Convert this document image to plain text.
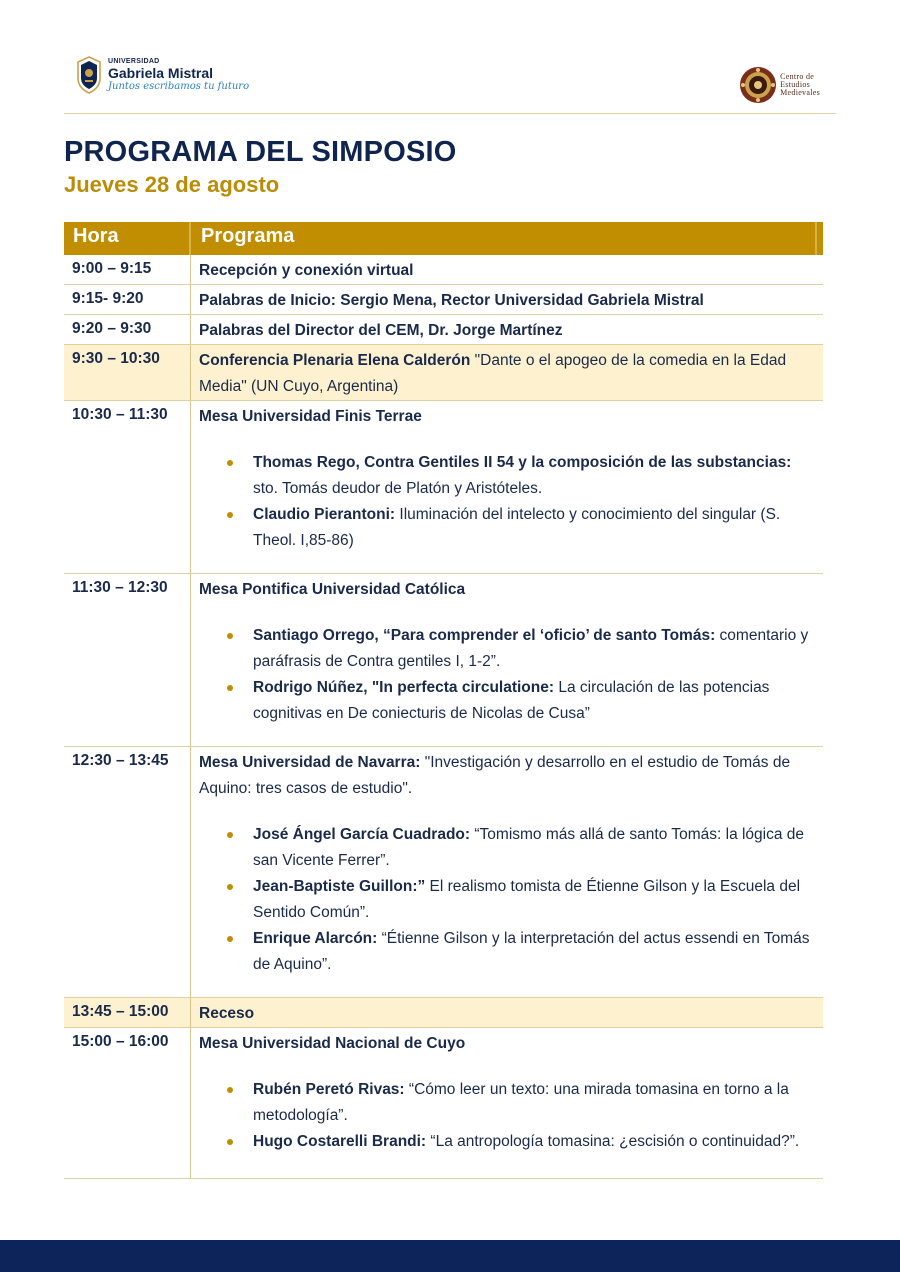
UNIVERSIDAD
Gabriela Mistral
Juntos escribamos tu futuro
Centro de
Estudios
Medievales
PROGRAMA DEL SIMPOSIO
Jueves 28 de agosto
Hora	Programa
9:00 – 9:15	Recepción y conexión virtual
9:15- 9:20	Palabras de Inicio: Sergio Mena, Rector Universidad Gabriela Mistral
9:20 – 9:30	Palabras del Director del CEM, Dr. Jorge Martínez
9:30 – 10:30	Conferencia Plenaria Elena Calderón "Dante o el apogeo de la comedia en la Edad Media" (UN Cuyo, Argentina)
10:30 – 11:30	Mesa Universidad Finis Terrae
Thomas Rego, Contra Gentiles II 54 y la composición de las substancias: sto. Tomás deudor de Platón y Aristóteles.
Claudio Pierantoni: Iluminación del intelecto y conocimiento del singular (S. Theol. I,85-86)
11:30 – 12:30	Mesa Pontifica Universidad Católica
Santiago Orrego, “Para comprender el ‘oficio’ de santo Tomás: comentario y paráfrasis de Contra gentiles I, 1-2”.
Rodrigo Núñez, "In perfecta circulatione: La circulación de las potencias cognitivas en De coniecturis de Nicolas de Cusa”
12:30 – 13:45	Mesa Universidad de Navarra: "Investigación y desarrollo en el estudio de Tomás de Aquino: tres casos de estudio".
José Ángel García Cuadrado: “Tomismo más allá de santo Tomás: la lógica de san Vicente Ferrer”.
Jean-Baptiste Guillon:” El realismo tomista de Étienne Gilson y la Escuela del Sentido Común”.
Enrique Alarcón: “Étienne Gilson y la interpretación del actus essendi en Tomás de Aquino”.
13:45 – 15:00	Receso
15:00 – 16:00	Mesa Universidad Nacional de Cuyo
Rubén Peretó Rivas: “Cómo leer un texto: una mirada tomasina en torno a la metodología”.
Hugo Costarelli Brandi: “La antropología tomasina: ¿escisión o continuidad?”.
